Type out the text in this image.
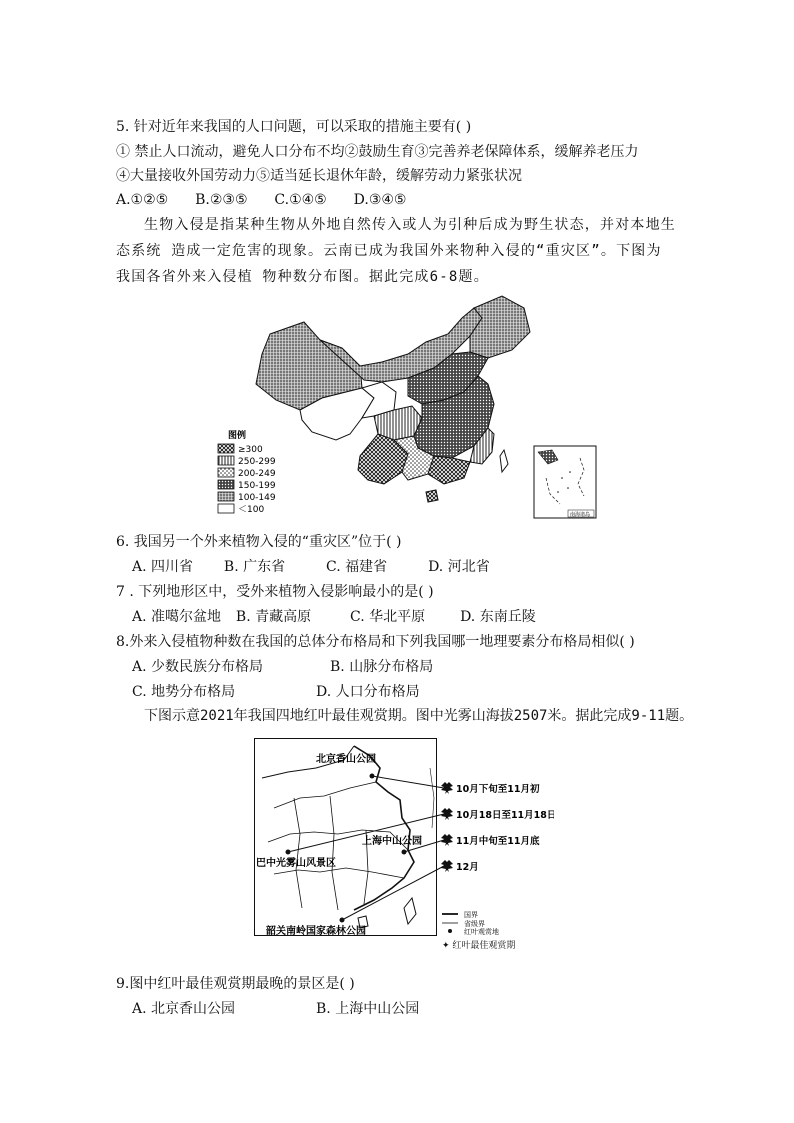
5. 针对近年来我国的人口问题，可以采取的措施主要有( )
① 禁止人口流动，避免人口分布不均②鼓励生育③完善养老保障体系，缓解养老压力
④大量接收外国劳动力⑤适当延长退休年龄，缓解劳动力紧张状况
A.①②⑤ B.②③⑤ C.①④⑤ D.③④⑤
生物入侵是指某种生物从外地自然传入或人为引种后成为野生状态，并对本地生态系统 造成一定危害的现象。云南已成为我国外来物种入侵的“重灾区”。下图为我国各省外来入侵植 物种数分布图。据此完成6-8题。
图例
≥300
250-299
200-249
150-199
100-149
＜100	南海诸岛
6. 我国另一个外来植物入侵的“重灾区”位于( )
A. 四川省 B. 广东省	C. 福建省	D. 河北省
7 . 下列地形区中，受外来植物入侵影响最小的是( )
A. 准噶尔盆地 B. 青藏高原	C. 华北平原 D. 东南丘陵
8.外来入侵植物种数在我国的总体分布格局和下列我国哪一地理要素分布格局相似( )
A. 少数民族分布格局	B. 山脉分布格局
C. 地势分布格局	D. 人口分布格局
下图示意2021年我国四地红叶最佳观赏期。图中光雾山海拔2507米。据此完成9-11题。
北京香山公园
上海中山公园
巴中光雾山风景区
韶关南岭国家森林公园
10月下旬至11月初
10月18日至11月18日
11月中旬至11月底
12月
国界
省级界
红叶观赏地
✦ 红叶最佳观赏期
9.图中红叶最佳观赏期最晚的景区是( )
A. 北京香山公园	B. 上海中山公园
